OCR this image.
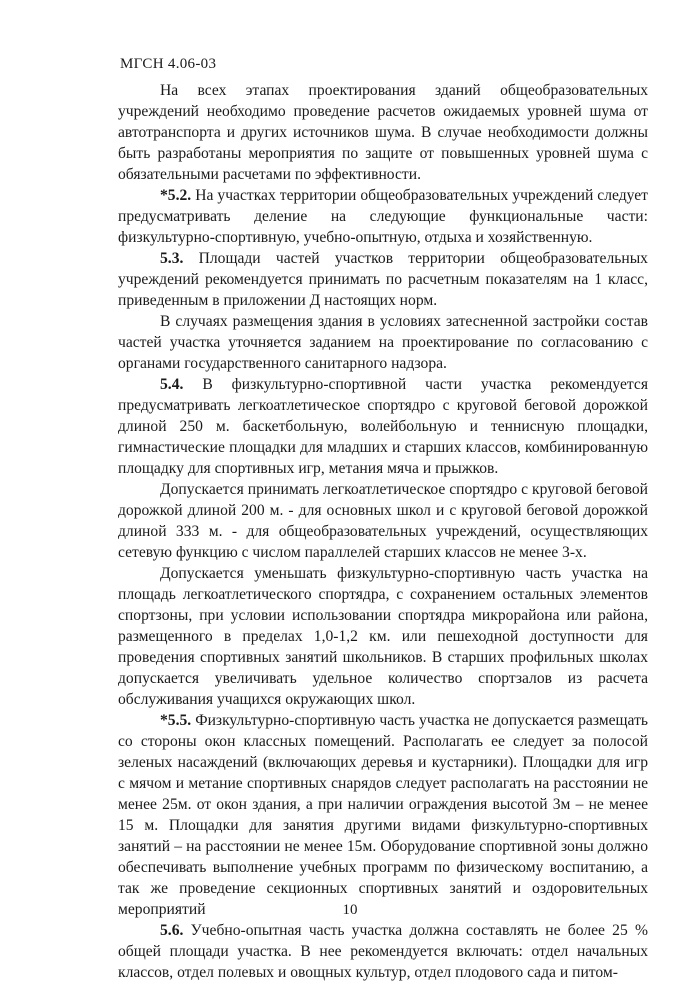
МГСН 4.06-03

На всех этапах проектирования зданий общеобразовательных учреждений необходимо проведение расчетов ожидаемых уровней шума от автотранспорта и других источников шума. В случае необходимости должны быть разработаны мероприятия по защите от повышенных уровней шума с обязательными расчетами по эффективности.

*5.2. На участках территории общеобразовательных учреждений следует предусматривать деление на следующие функциональные части: физкультурно-спортивную, учебно-опытную, отдыха и хозяйственную.

5.3. Площади частей участков территории общеобразовательных учреждений рекомендуется принимать по расчетным показателям на 1 класс, приведенным в приложении Д настоящих норм.

В случаях размещения здания в условиях затесненной застройки состав частей участка уточняется заданием на проектирование по согласованию с органами государственного санитарного надзора.

5.4. В физкультурно-спортивной части участка рекомендуется предусматривать легкоатлетическое спортядро с круговой беговой дорожкой длиной 250 м. баскетбольную, волейбольную и теннисную площадки, гимнастические площадки для младших и старших классов, комбинированную площадку для спортивных игр, метания мяча и прыжков.

Допускается принимать легкоатлетическое спортядро с круговой беговой дорожкой длиной 200 м. - для основных школ и с круговой беговой дорожкой длиной 333 м. - для общеобразовательных учреждений, осуществляющих сетевую функцию с числом параллелей старших классов не менее 3-х.

Допускается уменьшать физкультурно-спортивную часть участка на площадь легкоатлетического спортядра, с сохранением остальных элементов спортзоны, при условии использовании спортядра микрорайона или района, размещенного в пределах 1,0-1,2 км. или пешеходной доступности для проведения спортивных занятий школьников. В старших профильных школах допускается увеличивать удельное количество спортзалов из расчета обслуживания учащихся окружающих школ.

*5.5. Физкультурно-спортивную часть участка не допускается размещать со стороны окон классных помещений. Располагать ее следует за полосой зеленых насаждений (включающих деревья и кустарники). Площадки для игр с мячом и метание спортивных снарядов следует располагать на расстоянии не менее 25м. от окон здания, а при наличии ограждения высотой 3м – не менее 15 м. Площадки для занятия другими видами физкультурно-спортивных занятий – на расстоянии не менее 15м. Оборудование спортивной зоны должно обеспечивать выполнение учебных программ по физическому воспитанию, а так же проведение секционных спортивных занятий и оздоровительных мероприятий

5.6. Учебно-опытная часть участка должна составлять не более 25 % общей площади участка. В нее рекомендуется включать: отдел начальных классов, отдел полевых и овощных культур, отдел плодового сада и питом-

10
